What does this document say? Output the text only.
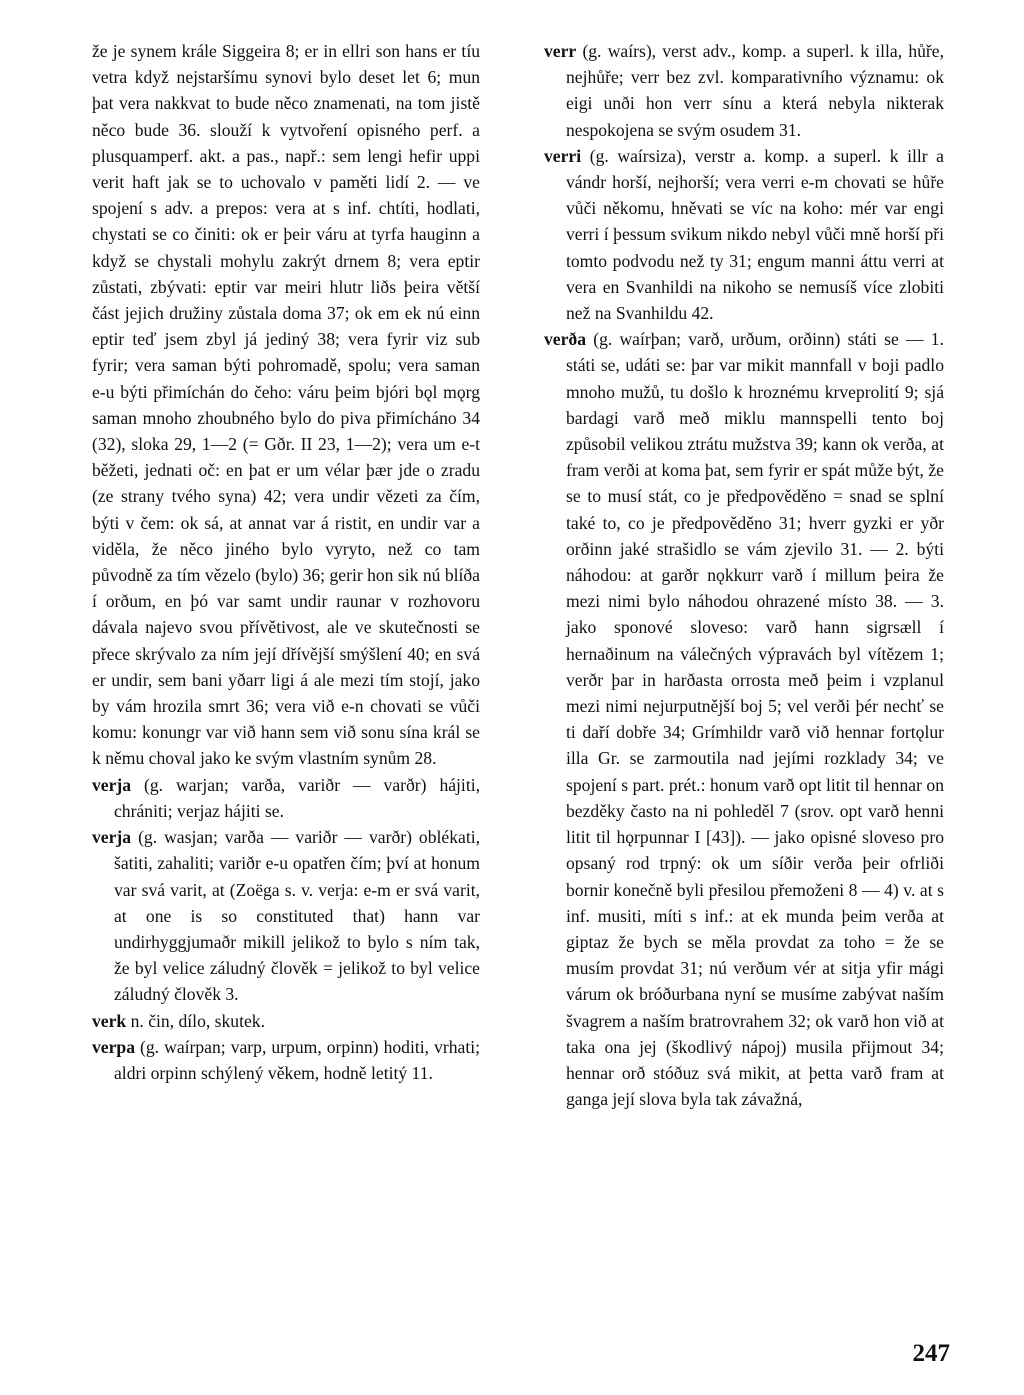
že je synem krále Siggeira 8; er in ellri son hans er tíu vetra když nejstaršímu synovi bylo deset let 6; mun þat vera nakkvat to bude něco znamenati, na tom jistě něco bude 36. slouží k vytvoření opisného perf. a plusquamperf. akt. a pas., např.: sem lengi hefir uppi verit haft jak se to uchovalo v paměti lidí 2. — ve spojení s adv. a prepos: vera at s inf. chtíti, hodlati, chystati se co činiti: ok er þeir váru at tyrfa hauginn a když se chystali mohylu zakrýt drnem 8; vera eptir zůstati, zbývati: eptir var meiri hlutr liðs þeira větší část jejich družiny zůstala doma 37; ok em ek nú einn eptir teď jsem zbyl já jediný 38; vera fyrir viz sub fyrir; vera saman býti pohromadě, spolu; vera saman e-u býti přimíchán do čeho: váru þeim bjóri bǫl mǫrg saman mnoho zhoubného bylo do piva přimícháno 34 (32), sloka 29, 1—2 (= Gðr. II 23, 1—2); vera um e-t běžeti, jednati oč: en þat er um vélar þær jde o zradu (ze strany tvého syna) 42; vera undir vězeti za čím, býti v čem: ok sá, at annat var á ristit, en undir var a viděla, že něco jiného bylo vyryto, než co tam původně za tím vězelo (bylo) 36; gerir hon sik nú blíða í orðum, en þó var samt undir raunar v rozhovoru dávala najevo svou přívětivost, ale ve skutečnosti se přece skrývalo za ním její dřívější smýšlení 40; en svá er undir, sem bani yðarr ligi á ale mezi tím stojí, jako by vám hrozila smrt 36; vera við e-n chovati se vůči komu: konungr var við hann sem við sonu sína král se k němu choval jako ke svým vlastním synům 28.

verja (g. warjan; varða, variðr — varðr) hájiti, chrániti; verjaz hájiti se.

verja (g. wasjan; varða — variðr — varðr) oblékati, šatiti, zahaliti; variðr e-u opatřen čím; því at honum var svá varit, at (Zoëga s. v. verja: e-m er svá varit, at one is so constituted that) hann var undirhyggjumaðr mikill jelikož to bylo s ním tak, že byl velice záludný člověk = jelikož to byl velice záludný člověk 3.

verk n. čin, dílo, skutek.

verpa (g. waírpan; varp, urpum, orpinn) hoditi, vrhati; aldri orpinn schýlený věkem, hodně letitý 11.

verr (g. waírs), verst adv., komp. a superl. k illa, hůře, nejhůře; verr bez zvl. komparativního významu: ok eigi unði hon verr sínu a která nebyla nikterak nespokojena se svým osudem 31.

verri (g. waírsiza), verstr a. komp. a superl. k illr a vándr horší, nejhorší; vera verri e-m chovati se hůře vůči někomu, hněvati se víc na koho: mér var engi verri í þessum svikum nikdo nebyl vůči mně horší při tomto podvodu než ty 31; engum manni áttu verri at vera en Svanhildi na nikoho se nemusíš více zlobiti než na Svanhildu 42.

verða (g. waírþan; varð, urðum, orðinn) státi se — 1. státi se, udáti se: þar var mikit mannfall v boji padlo mnoho mužů, tu došlo k hroznému krveprolití 9; sjá bardagi varð með miklu mannspelli tento boj způsobil velikou ztrátu mužstva 39; kann ok verða, at fram verði at koma þat, sem fyrir er spát může být, že se to musí stát, co je předpověděno = snad se splní také to, co je předpověděno 31; hverr gyzki er yðr orðinn jaké strašidlo se vám zjevilo 31. — 2. býti náhodou: at garðr nǫkkurr varð í millum þeira že mezi nimi bylo náhodou ohrazené místo 38. — 3. jako sponové sloveso: varð hann sigrsæll í hernaðinum na válečných výpravách byl vítězem 1; verðr þar in harðasta orrosta með þeim i vzplanul mezi nimi nejurputnější boj 5; vel verði þér nechť se ti daří dobře 34; Grímhildr varð við hennar fortǫlur illa Gr. se zarmoutila nad jejími rozklady 34; ve spojení s part. prét.: honum varð opt litit til hennar on bezděky často na ni pohleděl 7 (srov. opt varð henni litit til hǫrpunnar I [43]). — jako opisné sloveso pro opsaný rod trpný: ok um síðir verða þeir ofrliði bornir konečně byli přesilou přemoženi 8 — 4) v. at s inf. musiti, míti s inf.: at ek munda þeim verða at giptaz že bych se měla provdat za toho = že se musím provdat 31; nú verðum vér at sitja yfir mági várum ok bróðurbana nyní se musíme zabývat naším švagrem a naším bratrovrahem 32; ok varð hon við at taka ona jej (škodlivý nápoj) musila přijmout 34; hennar orð stóðuz svá mikit, at þetta varð fram at ganga její slova byla tak závažná,

247
